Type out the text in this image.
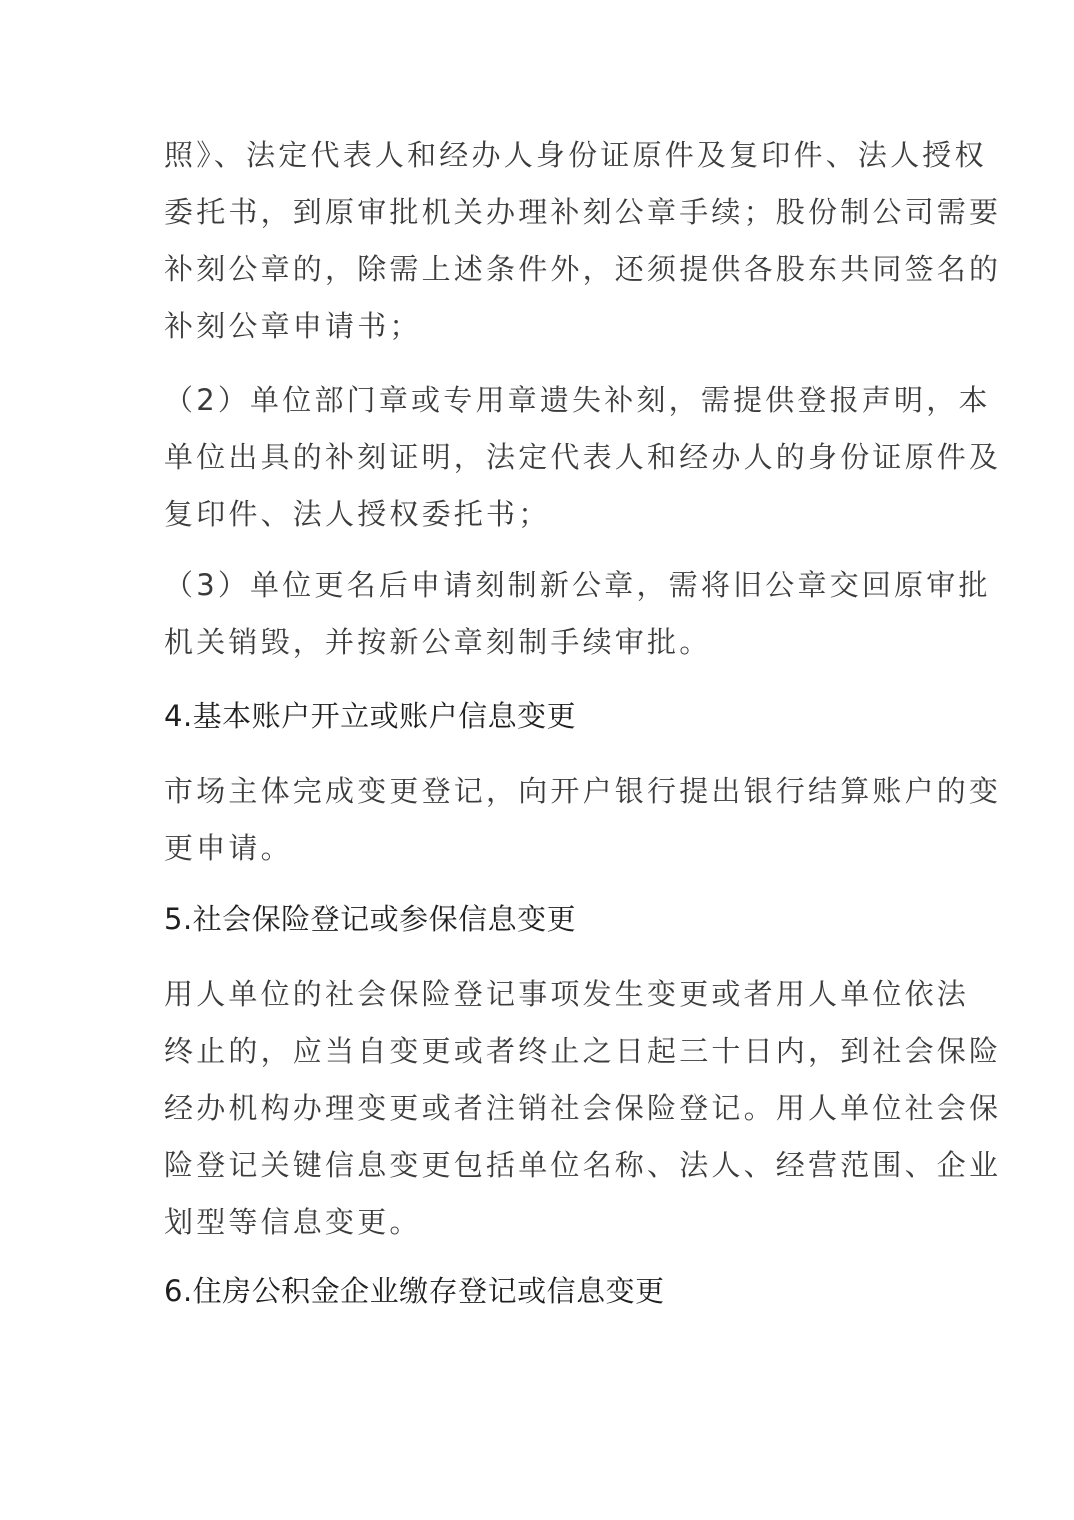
照》、法定代表人和经办人身份证原件及复印件、法人授权
委托书，到原审批机关办理补刻公章手续；股份制公司需要
补刻公章的，除需上述条件外，还须提供各股东共同签名的
补刻公章申请书；
（2）单位部门章或专用章遗失补刻，需提供登报声明，本
单位出具的补刻证明，法定代表人和经办人的身份证原件及
复印件、法人授权委托书；
（3）单位更名后申请刻制新公章，需将旧公章交回原审批
机关销毁，并按新公章刻制手续审批。
4.基本账户开立或账户信息变更
市场主体完成变更登记，向开户银行提出银行结算账户的变
更申请。
5.社会保险登记或参保信息变更
用人单位的社会保险登记事项发生变更或者用人单位依法
终止的，应当自变更或者终止之日起三十日内，到社会保险
经办机构办理变更或者注销社会保险登记。用人单位社会保
险登记关键信息变更包括单位名称、法人、经营范围、企业
划型等信息变更。
6.住房公积金企业缴存登记或信息变更
